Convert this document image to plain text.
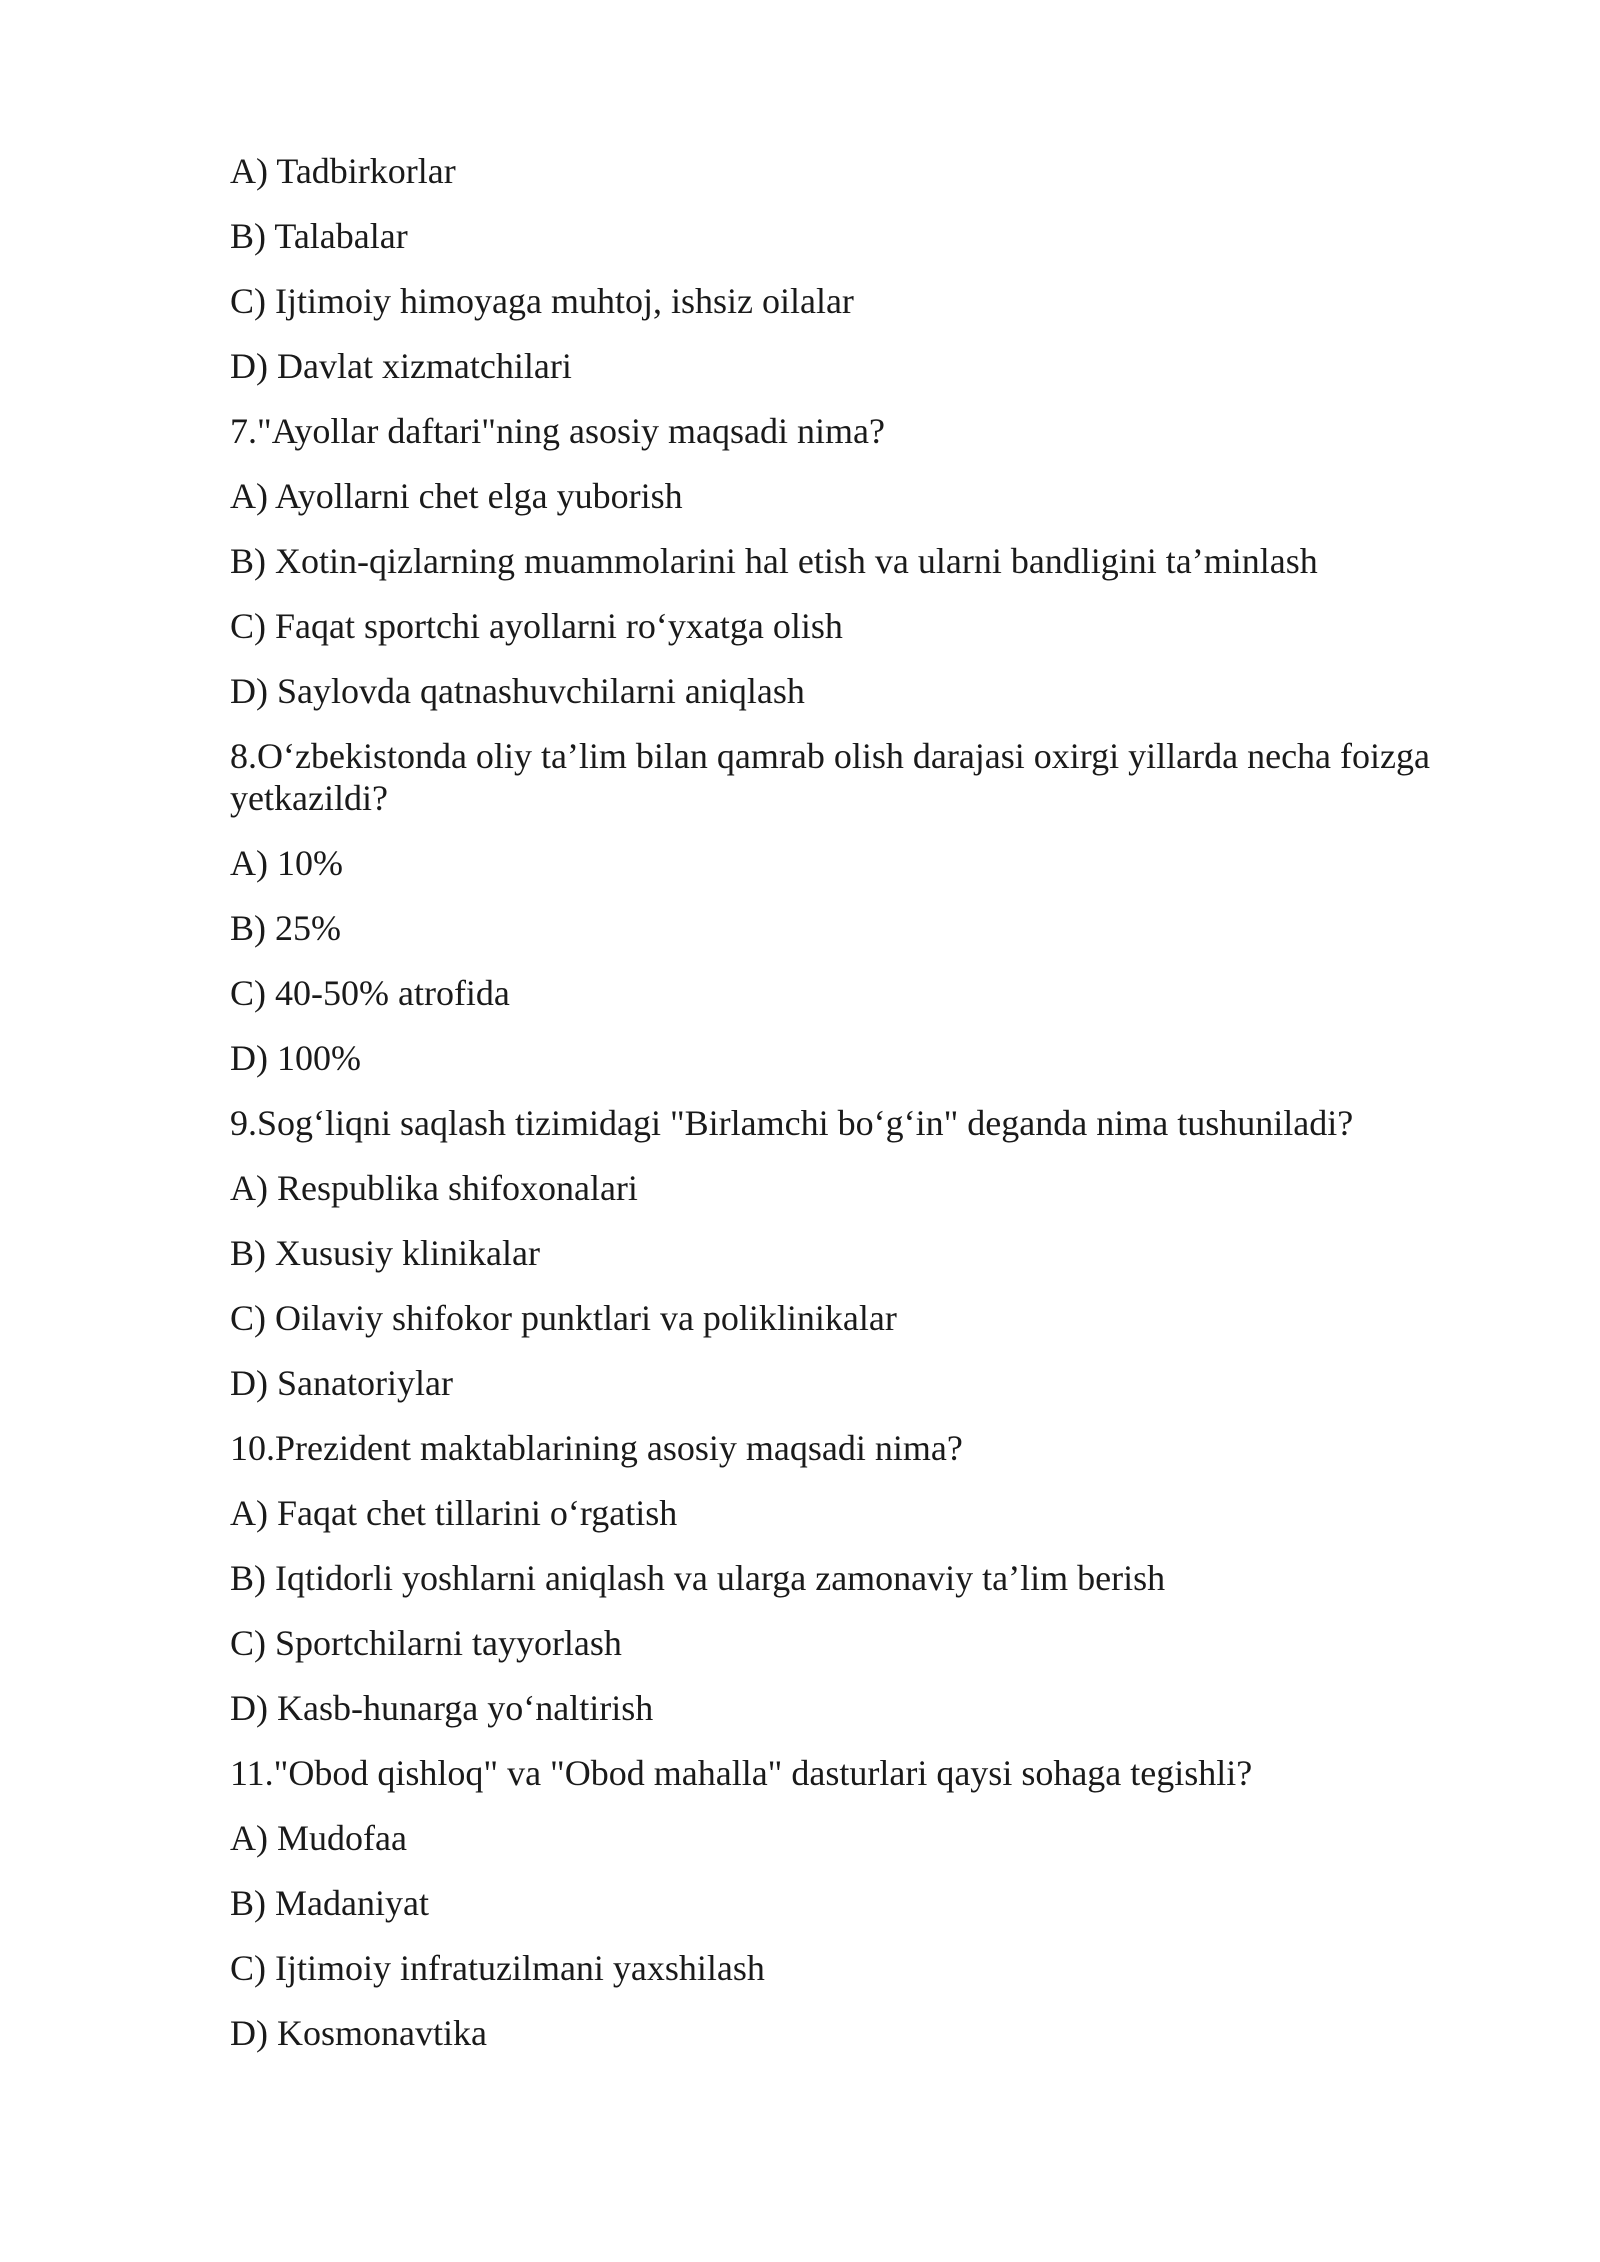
A) Tadbirkorlar

B) Talabalar

C) Ijtimoiy himoyaga muhtoj, ishsiz oilalar

D) Davlat xizmatchilari

7."Ayollar daftari"ning asosiy maqsadi nima?

A) Ayollarni chet elga yuborish

B) Xotin-qizlarning muammolarini hal etish va ularni bandligini ta’minlash

C) Faqat sportchi ayollarni ro‘yxatga olish

D) Saylovda qatnashuvchilarni aniqlash

8.O‘zbekistonda oliy ta’lim bilan qamrab olish darajasi oxirgi yillarda necha foizga yetkazildi?

A) 10%

B) 25%

C) 40-50% atrofida

D) 100%

9.Sog‘liqni saqlash tizimidagi "Birlamchi bo‘g‘in" deganda nima tushuniladi?

A) Respublika shifoxonalari

B) Xususiy klinikalar

C) Oilaviy shifokor punktlari va poliklinikalar

D) Sanatoriylar

10.Prezident maktablarining asosiy maqsadi nima?

A) Faqat chet tillarini o‘rgatish

B) Iqtidorli yoshlarni aniqlash va ularga zamonaviy ta’lim berish

C) Sportchilarni tayyorlash

D) Kasb-hunarga yo‘naltirish

11."Obod qishloq" va "Obod mahalla" dasturlari qaysi sohaga tegishli?

A) Mudofaa

B) Madaniyat

C) Ijtimoiy infratuzilmani yaxshilash

D) Kosmonavtika
